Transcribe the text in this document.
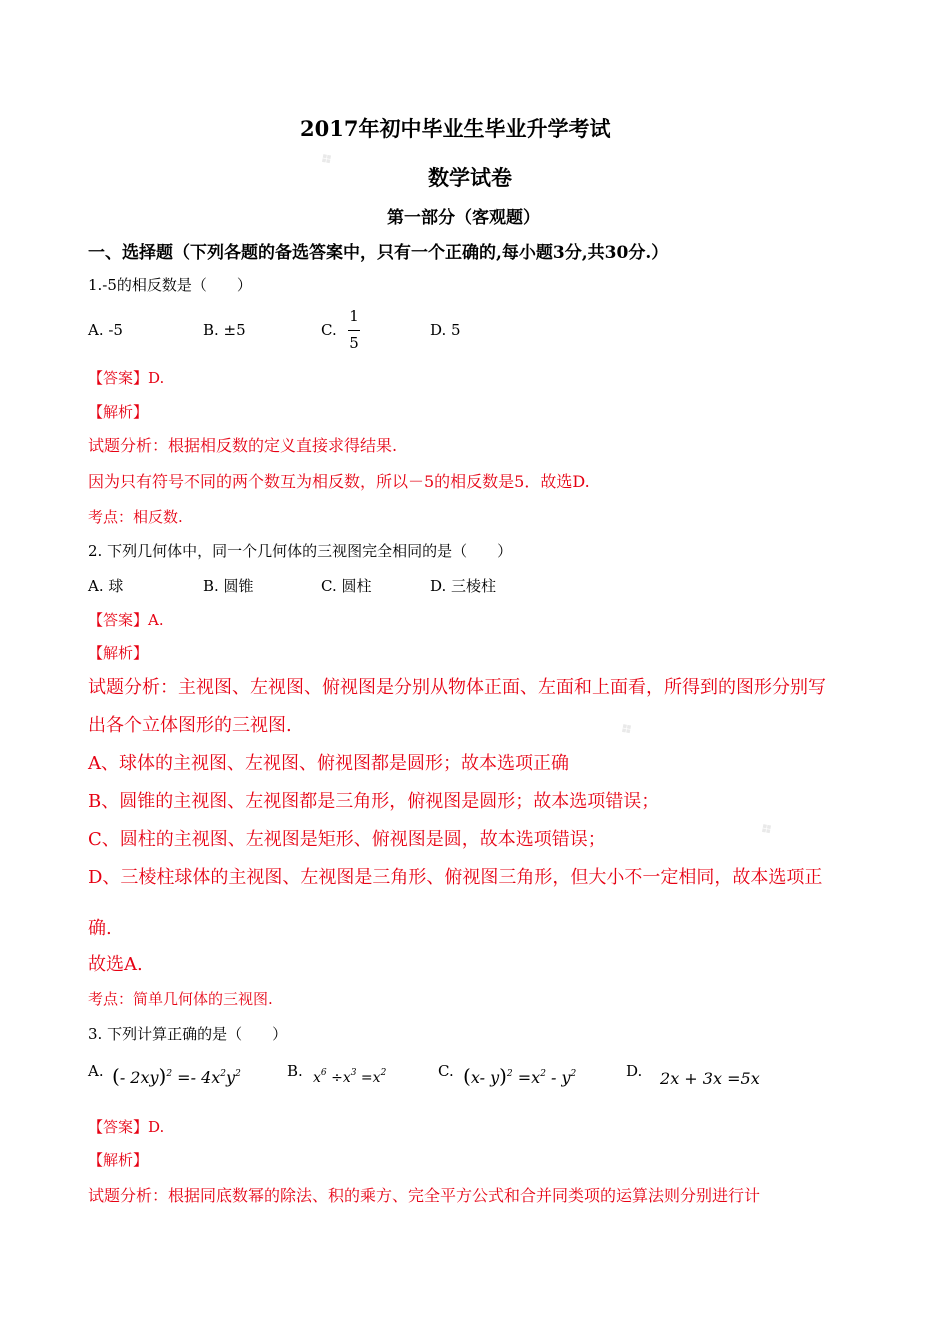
❖
❖
❖
2017年初中毕业生毕业升学考试
数学试卷
第一部分（客观题）
一、选择题（下列各题的备选答案中，只有一个正确的,每小题3分,共30分.）
1.-5的相反数是（　　）
A. -5	B. ±5	C.
1
5
D. 5
【答案】D.
【解析】
试题分析：根据相反数的定义直接求得结果.
因为只有符号不同的两个数互为相反数，所以－5的相反数是5．故选D.
考点：相反数.
2. 下列几何体中，同一个几何体的三视图完全相同的是（　　）
A. 球	B. 圆锥	C. 圆柱	D. 三棱柱
【答案】A.
【解析】
试题分析：主视图、左视图、俯视图是分别从物体正面、左面和上面看，所得到的图形分别写
出各个立体图形的三视图.
A、球体的主视图、左视图、俯视图都是圆形；故本选项正确
B、圆锥的主视图、左视图都是三角形，俯视图是圆形；故本选项错误；
C、圆柱的主视图、左视图是矩形、俯视图是圆，故本选项错误；
D、三棱柱球体的主视图、左视图是三角形、俯视图三角形，但大小不一定相同，故本选项正
确.
故选A.
考点：简单几何体的三视图.
3. 下列计算正确的是（　　）
A. (- $2xy)^2 =- 4x^2y^2$	B. $x^6 \div x^3 =x^2$	C. (x- $y)^2 =x^2 - y^2$	D. 2x + 3x =5x
【答案】D.
【解析】
试题分析：根据同底数幂的除法、积的乘方、完全平方公式和合并同类项的运算法则分别进行计
